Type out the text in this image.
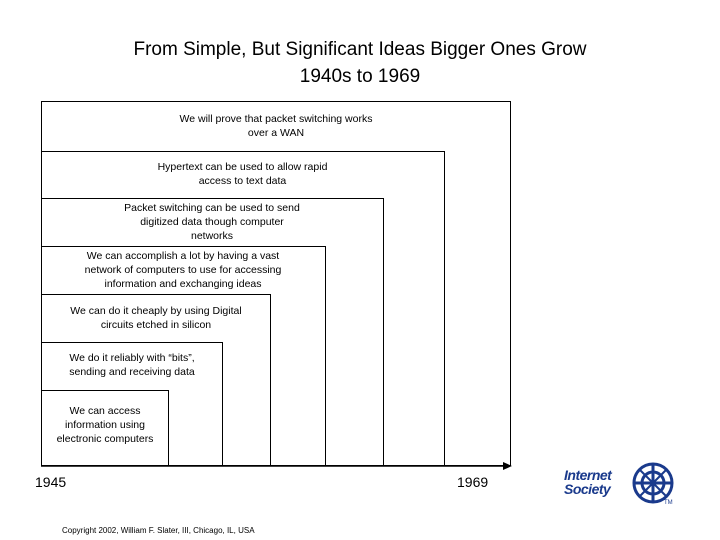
From Simple, But Significant Ideas Bigger Ones Grow
1940s to 1969
We will prove that packet switching works over a WAN
Hypertext can be used to allow rapid access to text data
Packet switching can be used to send digitized data though computer networks
We can accomplish a lot by having a vast network of computers to use for accessing information and exchanging ideas
We can do it cheaply by using Digital circuits etched in silicon
We do it reliably with “bits”, sending and receiving data
We can access information using electronic computers
1945	1969
Copyright 2002, William F. Slater, III, Chicago, IL, USA
Internet
Society
TM
